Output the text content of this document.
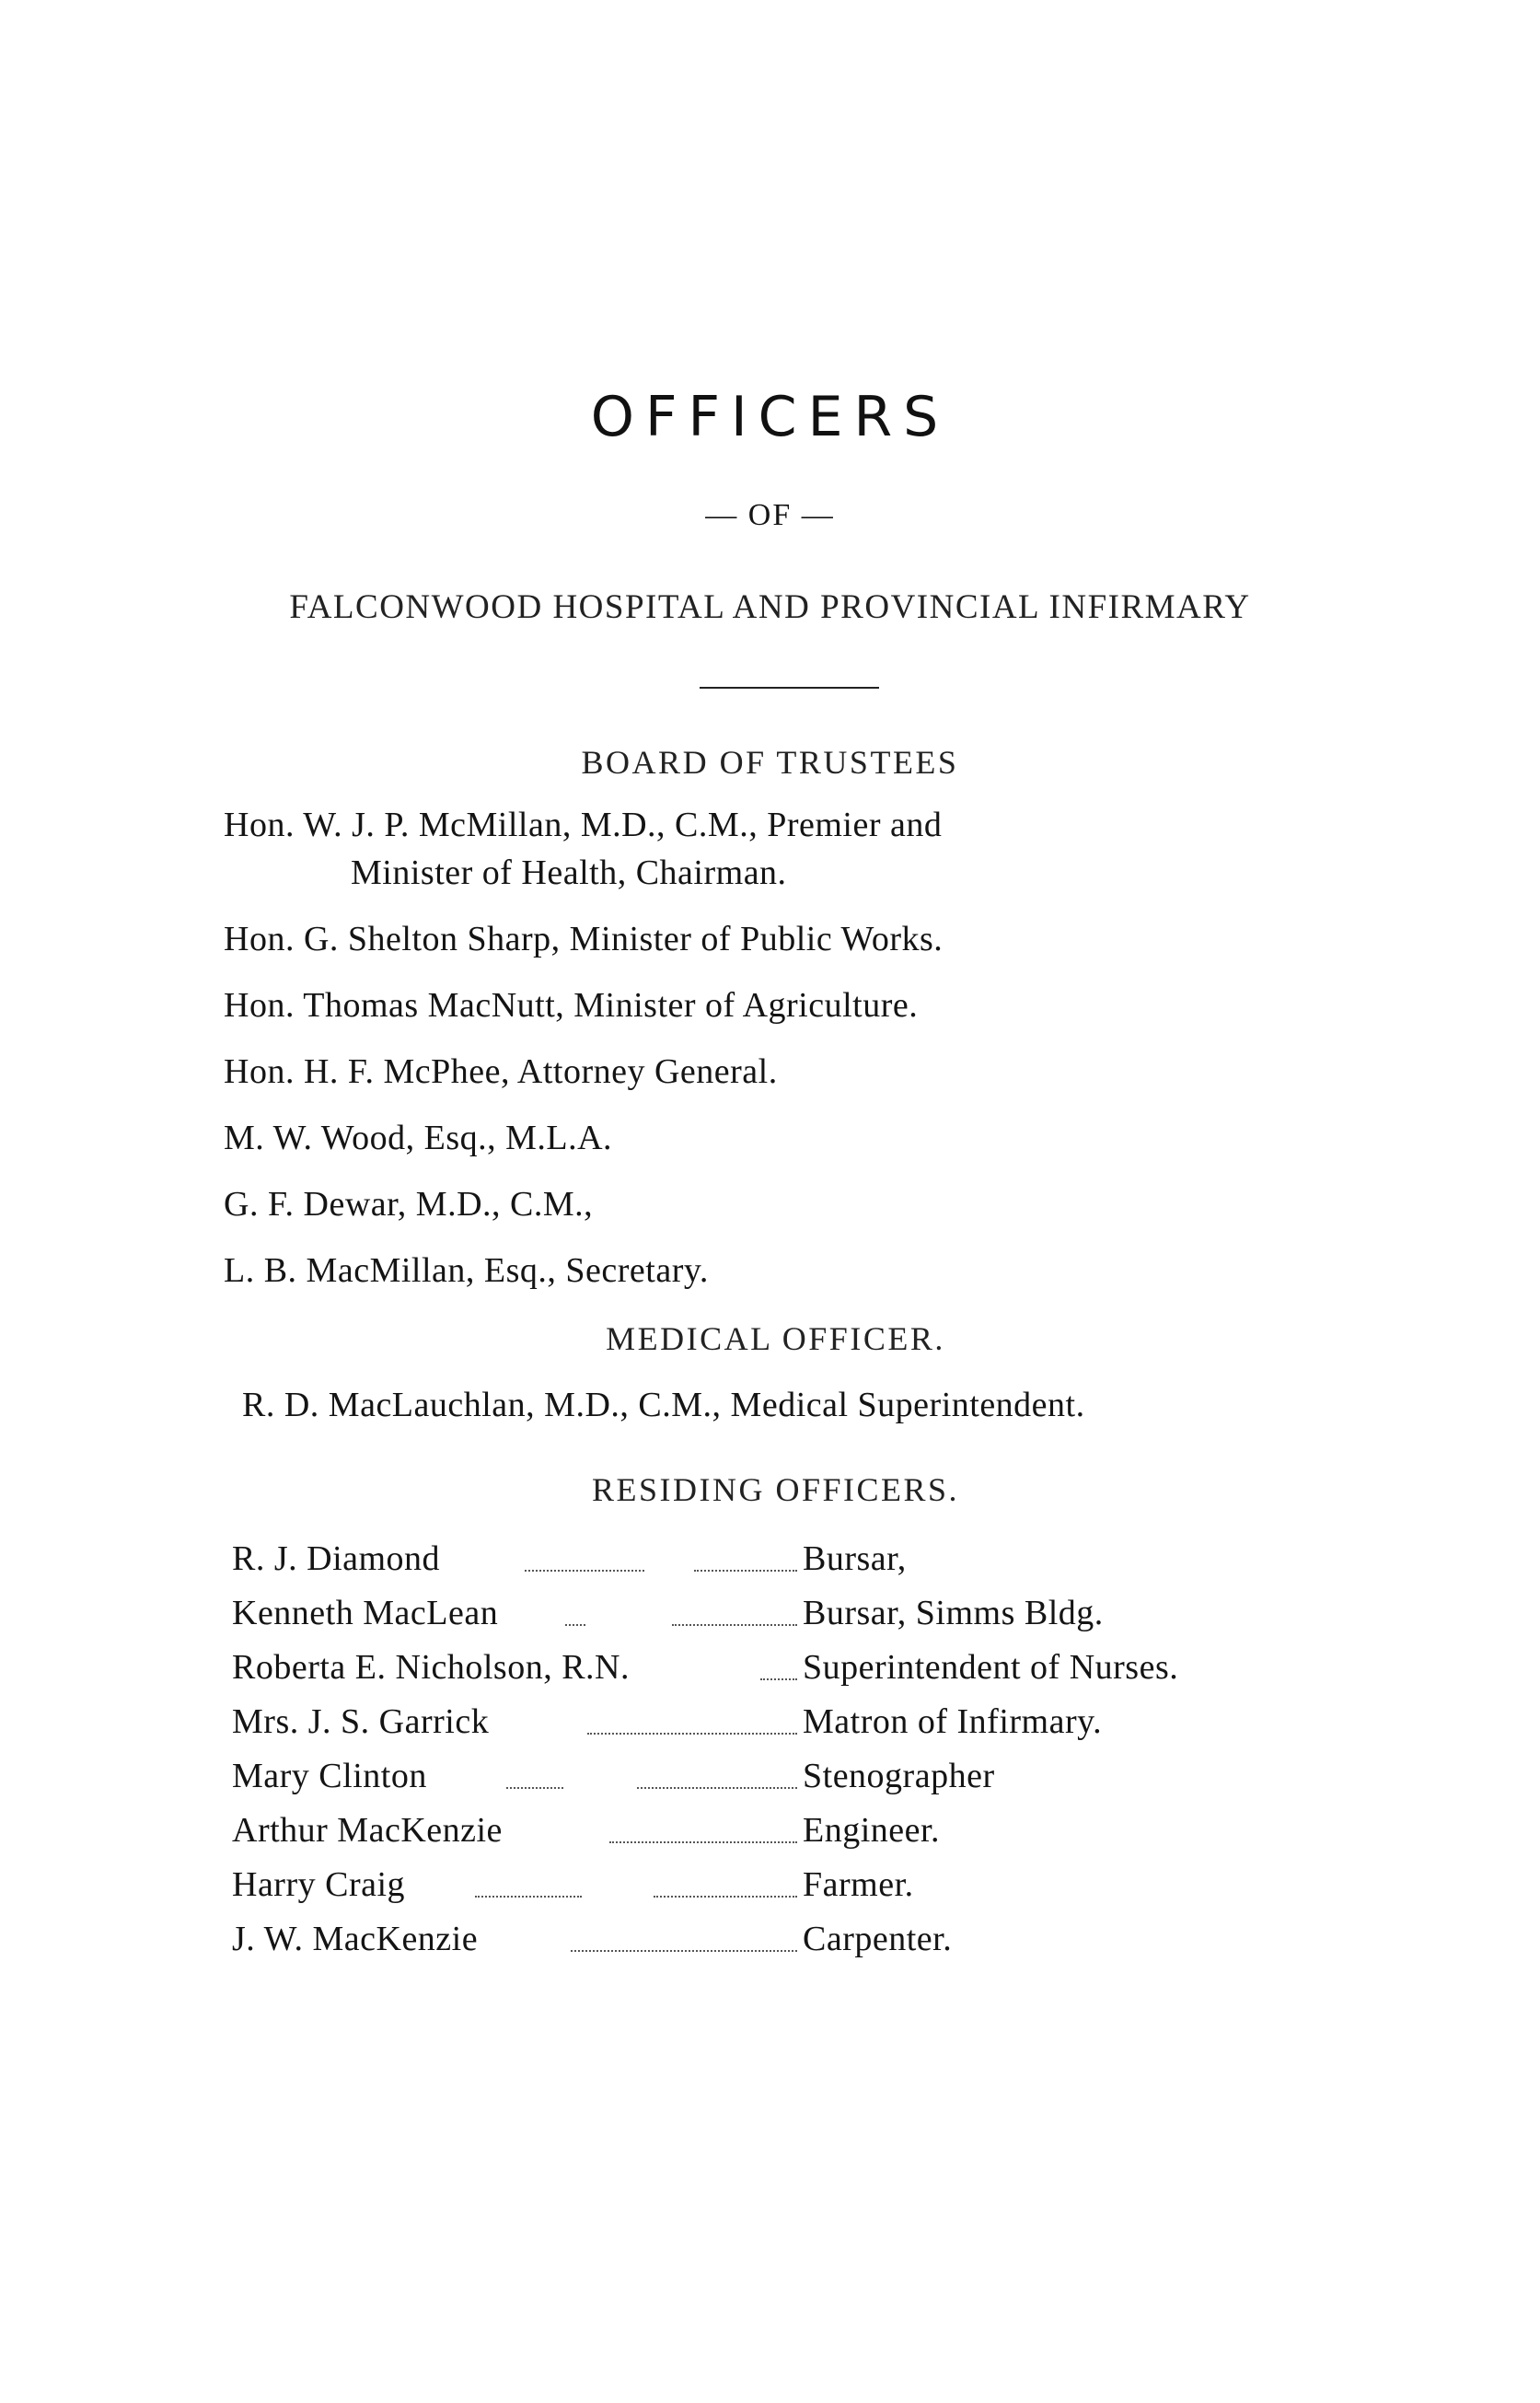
OFFICERS
— OF —
FALCONWOOD HOSPITAL AND PROVINCIAL INFIRMARY
BOARD OF TRUSTEES
Hon. W. J. P. McMillan, M.D., C.M., Premier and
Minister of Health, Chairman.
Hon. G. Shelton Sharp, Minister of Public Works.
Hon. Thomas MacNutt, Minister of Agriculture.
Hon. H. F. McPhee, Attorney General.
M. W. Wood, Esq., M.L.A.
G. F. Dewar, M.D., C.M.,
L. B. MacMillan, Esq., Secretary.
MEDICAL OFFICER.
R. D. MacLauchlan, M.D., C.M., Medical Superintendent.
RESIDING OFFICERS.
R. J. Diamond	Bursar,
Kenneth MacLean	Bursar, Simms Bldg.
Roberta E. Nicholson, R.N.	Superintendent of Nurses.
Mrs. J. S. Garrick	Matron of Infirmary.
Mary Clinton	Stenographer
Arthur MacKenzie	Engineer.
Harry Craig	Farmer.
J. W. MacKenzie	Carpenter.
